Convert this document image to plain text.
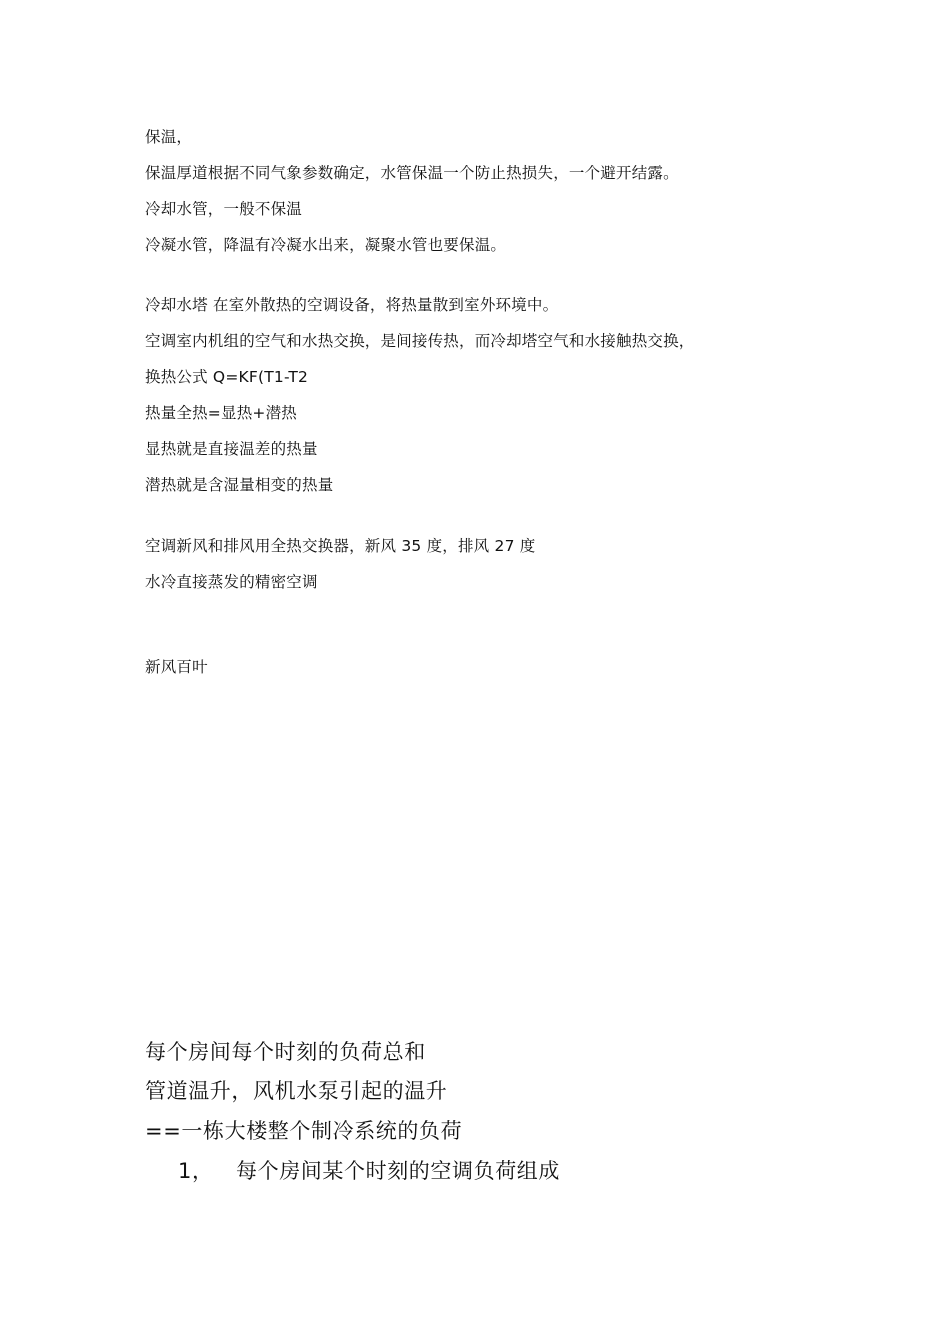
保温，
保温厚道根据不同气象参数确定，水管保温一个防止热损失，一个避开结露。
冷却水管，一般不保温
冷凝水管，降温有冷凝水出来，凝聚水管也要保温。
冷却水塔 在室外散热的空调设备，将热量散到室外环境中。
空调室内机组的空气和水热交换，是间接传热，而冷却塔空气和水接触热交换，
换热公式 Q=KF(T1-T2
热量全热=显热+潜热
显热就是直接温差的热量
潜热就是含湿量相变的热量
空调新风和排风用全热交换器，新风 35 度，排风 27 度
水冷直接蒸发的精密空调
新风百叶
每个房间每个时刻的负荷总和
管道温升，风机水泵引起的温升
==一栋大楼整个制冷系统的负荷
1， 每个房间某个时刻的空调负荷组成
